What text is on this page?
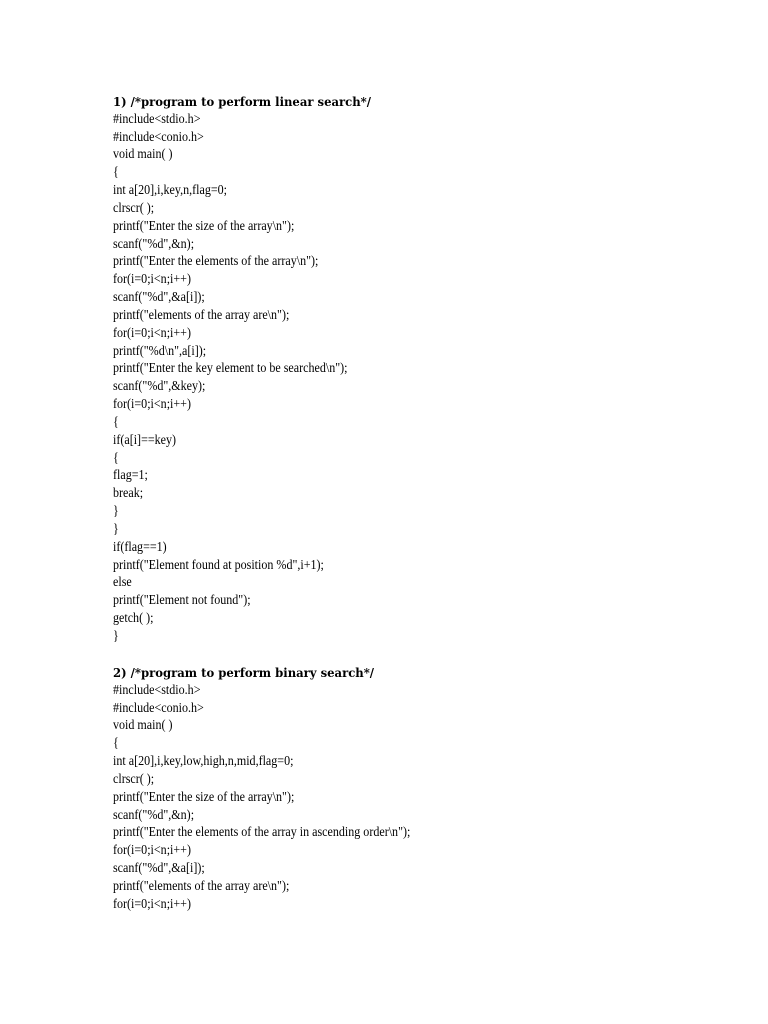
1) /*program to perform linear search*/
#include<stdio.h>
#include<conio.h>
void main( )
{
int a[20],i,key,n,flag=0;
clrscr( );
printf("Enter the size of the array\n");
scanf("%d",&n);
printf("Enter the elements of the array\n");
for(i=0;i<n;i++)
scanf("%d",&a[i]);
printf("elements of the array are\n");
for(i=0;i<n;i++)
printf("%d\n",a[i]);
printf("Enter the key element to be searched\n");
scanf("%d",&key);
for(i=0;i<n;i++)
{
if(a[i]==key)
{
flag=1;
break;
}
}
if(flag==1)
printf("Element found at position %d",i+1);
else
printf("Element not found");
getch( );
}
2) /*program to perform binary search*/
#include<stdio.h>
#include<conio.h>
void main( )
{
int a[20],i,key,low,high,n,mid,flag=0;
clrscr( );
printf("Enter the size of the array\n");
scanf("%d",&n);
printf("Enter the elements of the array in ascending order\n");
for(i=0;i<n;i++)
scanf("%d",&a[i]);
printf("elements of the array are\n");
for(i=0;i<n;i++)
